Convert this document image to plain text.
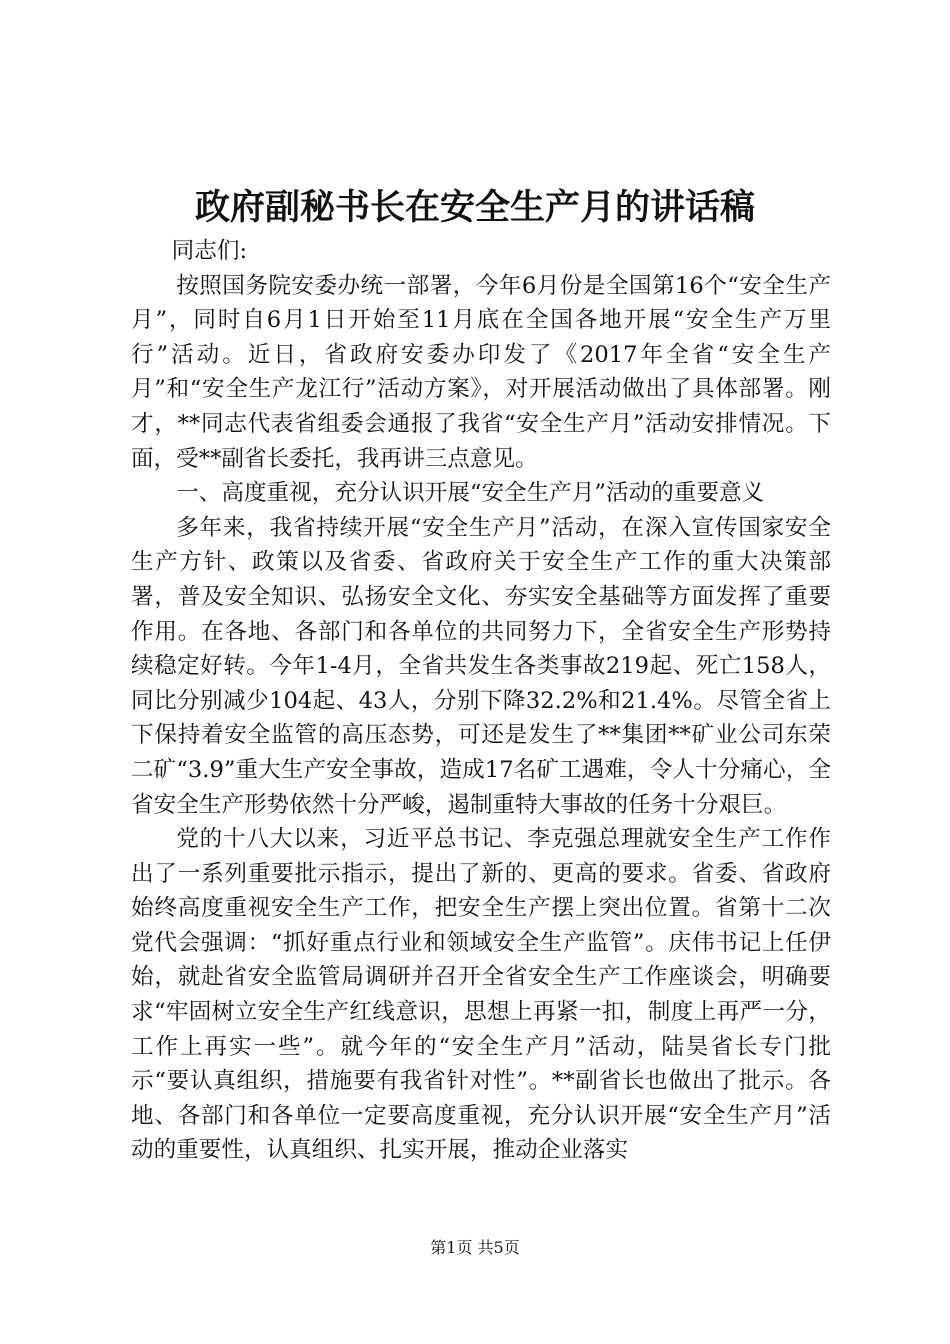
政府副秘书长在安全生产月的讲话稿

同志们:

按照国务院安委办统一部署，今年6月份是全国第16个“安全生产月”，同时自6月1日开始至11月底在全国各地开展“安全生产万里行”活动。近日，省政府安委办印发了《2017年全省“安全生产月”和“安全生产龙江行”活动方案》，对开展活动做出了具体部署。刚才，**同志代表省组委会通报了我省“安全生产月”活动安排情况。下面，受**副省长委托，我再讲三点意见。

一、高度重视，充分认识开展“安全生产月”活动的重要意义

多年来，我省持续开展“安全生产月”活动，在深入宣传国家安全生产方针、政策以及省委、省政府关于安全生产工作的重大决策部署，普及安全知识、弘扬安全文化、夯实安全基础等方面发挥了重要作用。在各地、各部门和各单位的共同努力下，全省安全生产形势持续稳定好转。今年1-4月，全省共发生各类事故219起、死亡158人，同比分别减少104起、43人，分别下降32.2%和21.4%。尽管全省上下保持着安全监管的高压态势，可还是发生了**集团**矿业公司东荣二矿“3.9”重大生产安全事故，造成17名矿工遇难，令人十分痛心，全省安全生产形势依然十分严峻，遏制重特大事故的任务十分艰巨。

党的十八大以来，习近平总书记、李克强总理就安全生产工作作出了一系列重要批示指示，提出了新的、更高的要求。省委、省政府始终高度重视安全生产工作，把安全生产摆上突出位置。省第十二次党代会强调：“抓好重点行业和领域安全生产监管”。庆伟书记上任伊始，就赴省安全监管局调研并召开全省安全生产工作座谈会，明确要求“牢固树立安全生产红线意识，思想上再紧一扣，制度上再严一分，工作上再实一些”。就今年的“安全生产月”活动，陆昊省长专门批示“要认真组织，措施要有我省针对性”。**副省长也做出了批示。各地、各部门和各单位一定要高度重视，充分认识开展“安全生产月”活动的重要性，认真组织、扎实开展，推动企业落实

第1页 共5页
